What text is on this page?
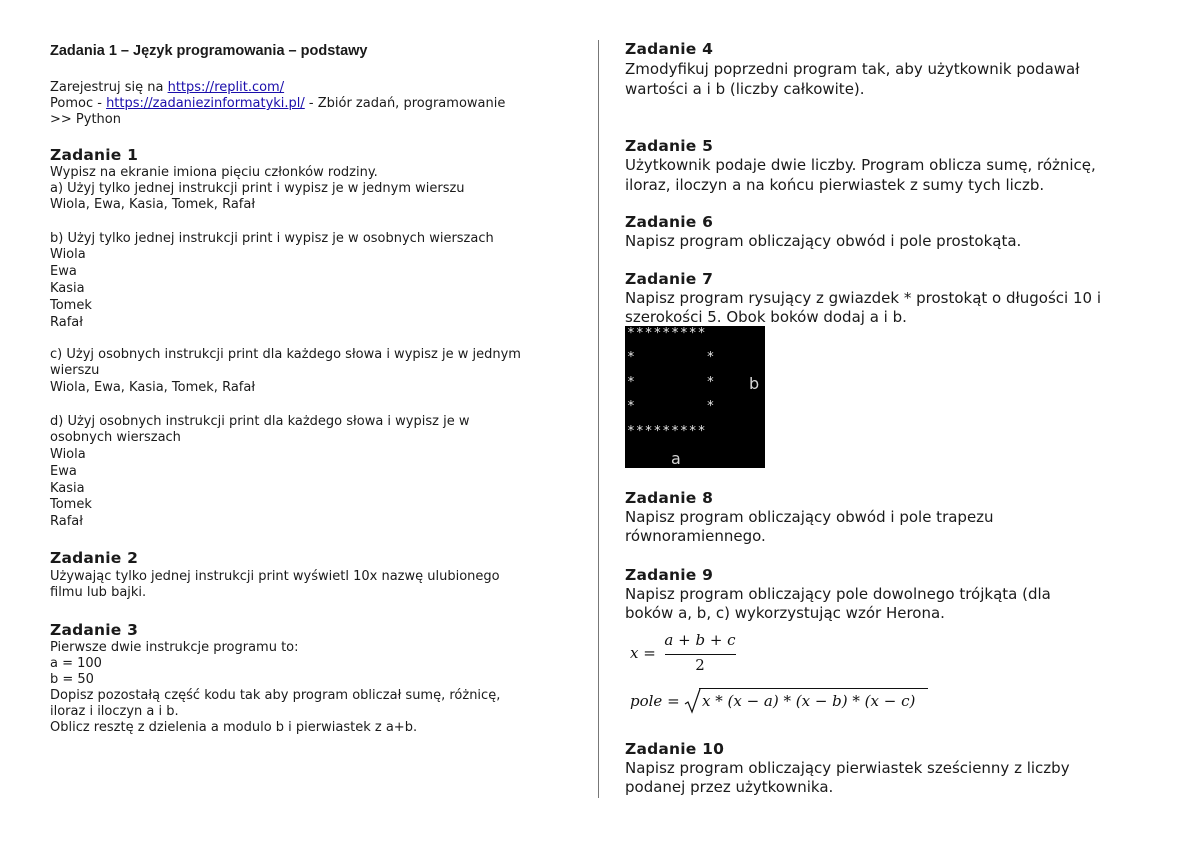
Zadania 1 – Język programowania – podstawy
Zarejestruj się na https://replit.com/
Pomoc - https://zadaniezinformatyki.pl/ - Zbiór zadań, programowanie
>> Python
Zadanie 1
Wypisz na ekranie imiona pięciu członków rodziny.
a) Użyj tylko jednej instrukcji print i wypisz je w jednym wierszu
Wiola, Ewa, Kasia, Tomek, Rafał
b) Użyj tylko jednej instrukcji print i wypisz je w osobnych wierszach
Wiola
Ewa
Kasia
Tomek
Rafał
c) Użyj osobnych instrukcji print dla każdego słowa i wypisz je w jednym
wierszu
Wiola, Ewa, Kasia, Tomek, Rafał
d) Użyj osobnych instrukcji print dla każdego słowa i wypisz je w
osobnych wierszach
Wiola
Ewa
Kasia
Tomek
Rafał
Zadanie 2
Używając tylko jednej instrukcji print wyświetl 10x nazwę ulubionego
filmu lub bajki.
Zadanie 3
Pierwsze dwie instrukcje programu to:
a = 100
b = 50
Dopisz pozostałą część kodu tak aby program obliczał sumę, różnicę,
iloraz i iloczyn a i b.
Oblicz resztę z dzielenia a modulo b i pierwiastek z a+b.
Zadanie 4
Zmodyfikuj poprzedni program tak, aby użytkownik podawał
wartości a i b (liczby całkowite).
Zadanie 5
Użytkownik podaje dwie liczby. Program oblicza sumę, różnicę,
iloraz, iloczyn a na końcu pierwiastek z sumy tych liczb.
Zadanie 6
Napisz program obliczający obwód i pole prostokąta.
Zadanie 7
Napisz program rysujący z gwiazdek * prostokąt o długości 10 i
szerokości 5. Obok boków dodaj a i b.
*********
*        *
*        *
*        *
*********
b
a
Zadanie 8
Napisz program obliczający obwód i pole trapezu
równoramiennego.
Zadanie 9
Napisz program obliczający pole dowolnego trójkąta (dla
boków a, b, c) wykorzystując wzór Herona.
x =
a + b + c
2
pole = x * (x − a) * (x − b) * (x − c)
Zadanie 10
Napisz program obliczający pierwiastek sześcienny z liczby
podanej przez użytkownika.
